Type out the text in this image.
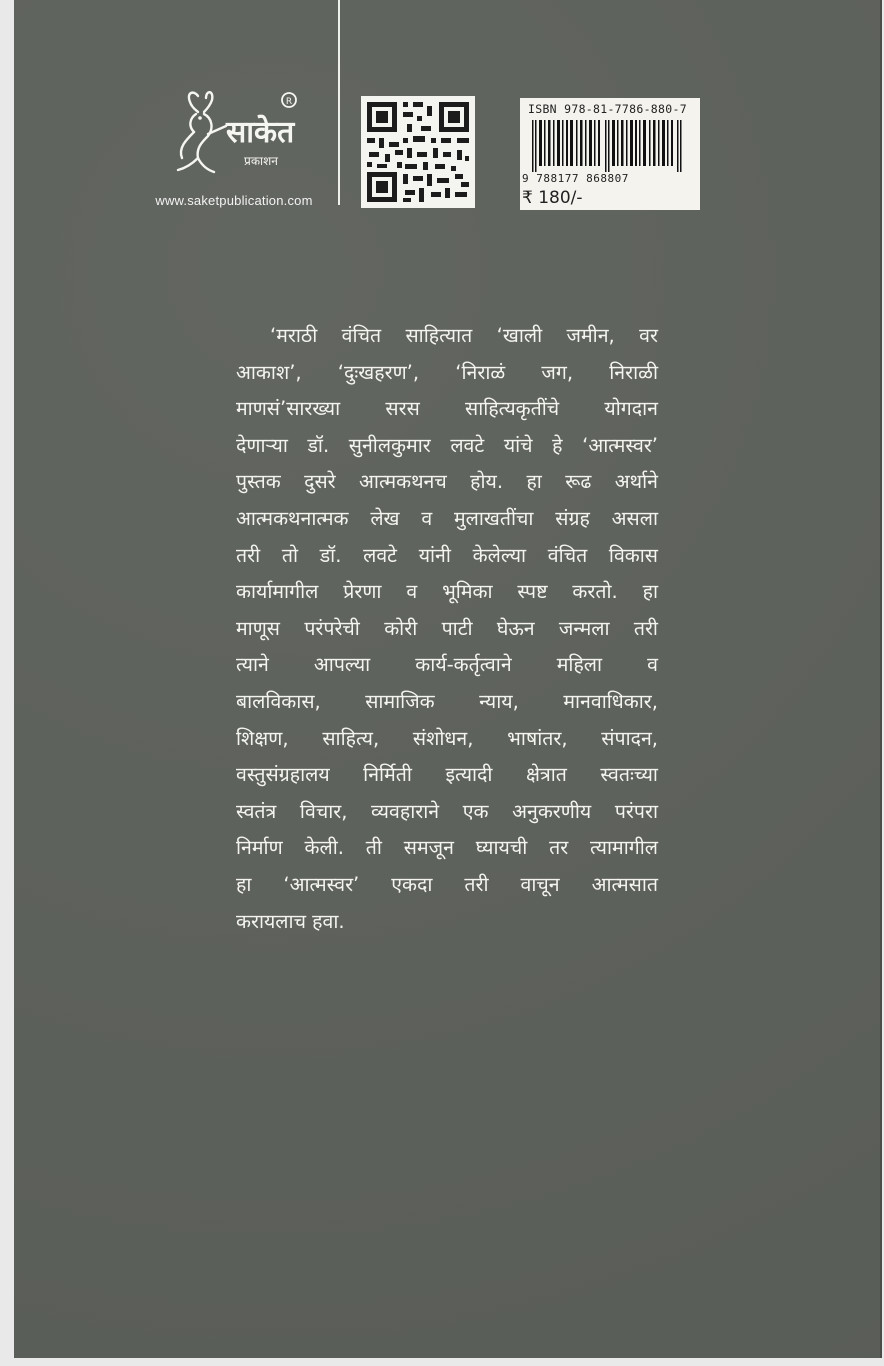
R
साकेत
प्रकाशन
www.saketpublication.com
ISBN 978-81-7786-880-7
9 788177 868807
₹ 180/-
‘मराठी वंचित साहित्यात ‘खाली जमीन, वर
आकाश’, ‘दुःखहरण’, ‘निराळं जग, निराळी
माणसं’सारख्या सरस साहित्यकृतींचे योगदान
देणाऱ्या डॉ. सुनीलकुमार लवटे यांचे हे ‘आत्मस्वर’
पुस्तक दुसरे आत्मकथनच होय. हा रूढ अर्थाने
आत्मकथनात्मक लेख व मुलाखतींचा संग्रह असला
तरी तो डॉ. लवटे यांनी केलेल्या वंचित विकास
कार्यामागील प्रेरणा व भूमिका स्पष्ट करतो. हा
माणूस परंपरेची कोरी पाटी घेऊन जन्मला तरी
त्याने आपल्या कार्य-कर्तृत्वाने महिला व
बालविकास, सामाजिक न्याय, मानवाधिकार,
शिक्षण, साहित्य, संशोधन, भाषांतर, संपादन,
वस्तुसंग्रहालय निर्मिती इत्यादी क्षेत्रात स्वतःच्या
स्वतंत्र विचार, व्यवहाराने एक अनुकरणीय परंपरा
निर्माण केली. ती समजून घ्यायची तर त्यामागील
हा ‘आत्मस्वर’ एकदा तरी वाचून आत्मसात
करायलाच हवा.
